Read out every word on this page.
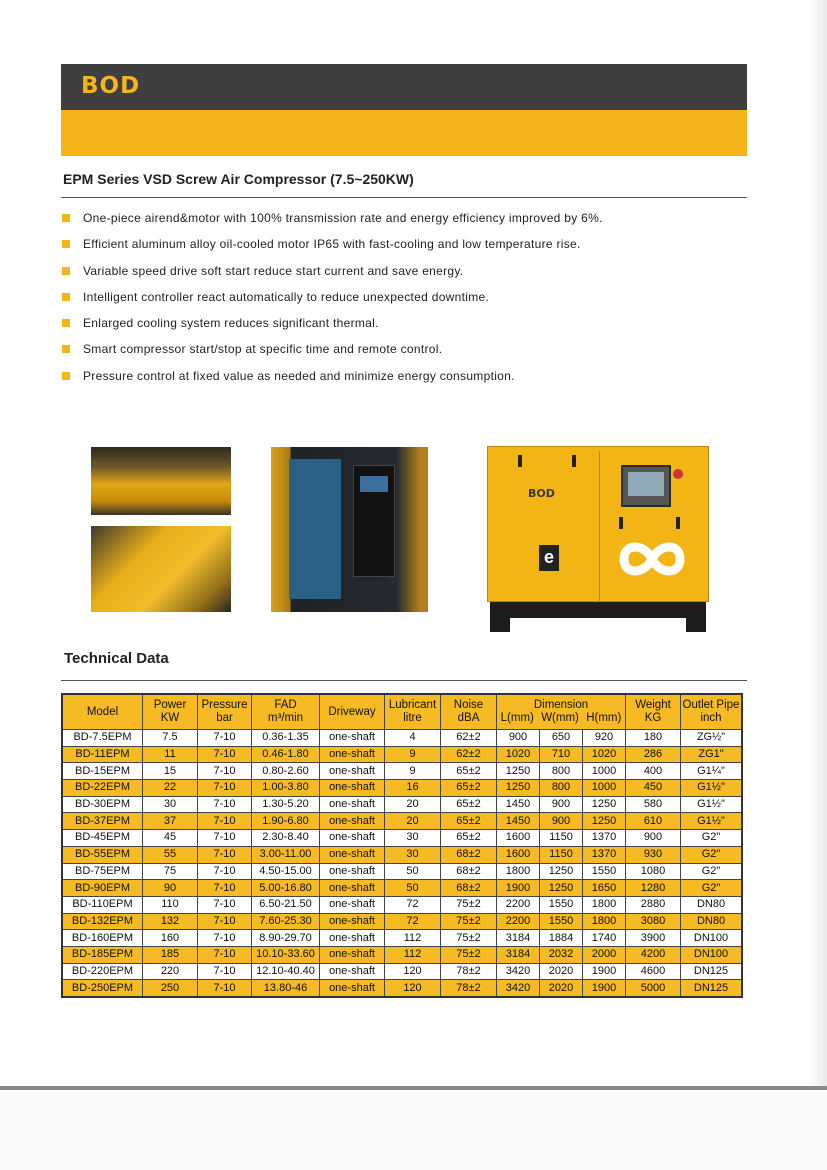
BOD
EPM Series VSD Screw Air Compressor (7.5~250KW)
One-piece airend&motor with 100% transmission rate and energy efficiency improved by 6%.
Efficient aluminum alloy oil-cooled motor IP65 with fast-cooling and low temperature rise.
Variable speed drive soft start reduce start current and save energy.
Intelligent controller react automatically to reduce unexpected downtime.
Enlarged cooling system reduces significant thermal.
Smart compressor start/stop at specific time and remote control.
Pressure control at fixed value as needed and minimize energy consumption.
BOD
e
Technical Data
Model	Power
KW	Pressure
bar	FAD
m³/min	Driveway	Lubricant
litre	Noise
dBA	Dimension

L(mm) W(mm) H(mm)			Weight
KG	Outlet Pipe
inch
BD-7.5EPM	7.5	7-10	0.36-1.35	one-shaft	4	62±2	900	650	920	180	ZG½"
BD-11EPM	11	7-10	0.46-1.80	one-shaft	9	62±2	1020	710	1020	286	ZG1"
BD-15EPM	15	7-10	0.80-2.60	one-shaft	9	65±2	1250	800	1000	400	G1¼"
BD-22EPM	22	7-10	1.00-3.80	one-shaft	16	65±2	1250	800	1000	450	G1½"
BD-30EPM	30	7-10	1.30-5.20	one-shaft	20	65±2	1450	900	1250	580	G1½"
BD-37EPM	37	7-10	1.90-6.80	one-shaft	20	65±2	1450	900	1250	610	G1½"
BD-45EPM	45	7-10	2.30-8.40	one-shaft	30	65±2	1600	1150	1370	900	G2"
BD-55EPM	55	7-10	3.00-11.00	one-shaft	30	68±2	1600	1150	1370	930	G2"
BD-75EPM	75	7-10	4.50-15.00	one-shaft	50	68±2	1800	1250	1550	1080	G2"
BD-90EPM	90	7-10	5.00-16.80	one-shaft	50	68±2	1900	1250	1650	1280	G2"
BD-110EPM	110	7-10	6.50-21.50	one-shaft	72	75±2	2200	1550	1800	2880	DN80
BD-132EPM	132	7-10	7.60-25.30	one-shaft	72	75±2	2200	1550	1800	3080	DN80
BD-160EPM	160	7-10	8.90-29.70	one-shaft	112	75±2	3184	1884	1740	3900	DN100
BD-185EPM	185	7-10	10.10-33.60	one-shaft	112	75±2	3184	2032	2000	4200	DN100
BD-220EPM	220	7-10	12.10-40.40	one-shaft	120	78±2	3420	2020	1900	4600	DN125
BD-250EPM	250	7-10	13.80-46	one-shaft	120	78±2	3420	2020	1900	5000	DN125
